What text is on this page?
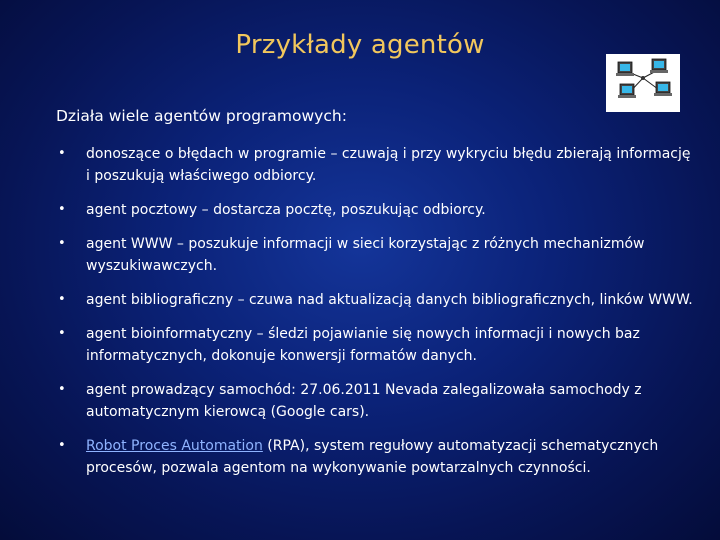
Przykłady agentów
Działa wiele agentów programowych:
• donoszące o błędach w programie – czuwają i przy wykryciu błędu zbierają informację i poszukują właściwego odbiorcy.
• agent pocztowy – dostarcza pocztę, poszukując odbiorcy.
• agent WWW – poszukuje informacji w sieci korzystając z różnych mechanizmów wyszukiwawczych.
• agent bibliograficzny – czuwa nad aktualizacją danych bibliograficznych, linków WWW.
• agent bioinformatyczny – śledzi pojawianie się nowych informacji i nowych baz informatycznych, dokonuje konwersji formatów danych.
• agent prowadzący samochód: 27.06.2011 Nevada zalegalizowała samochody z automatycznym kierowcą (Google cars).
• Robot Proces Automation (RPA), system regułowy automatyzacji schematycznych procesów, pozwala agentom na wykonywanie powtarzalnych czynności.
